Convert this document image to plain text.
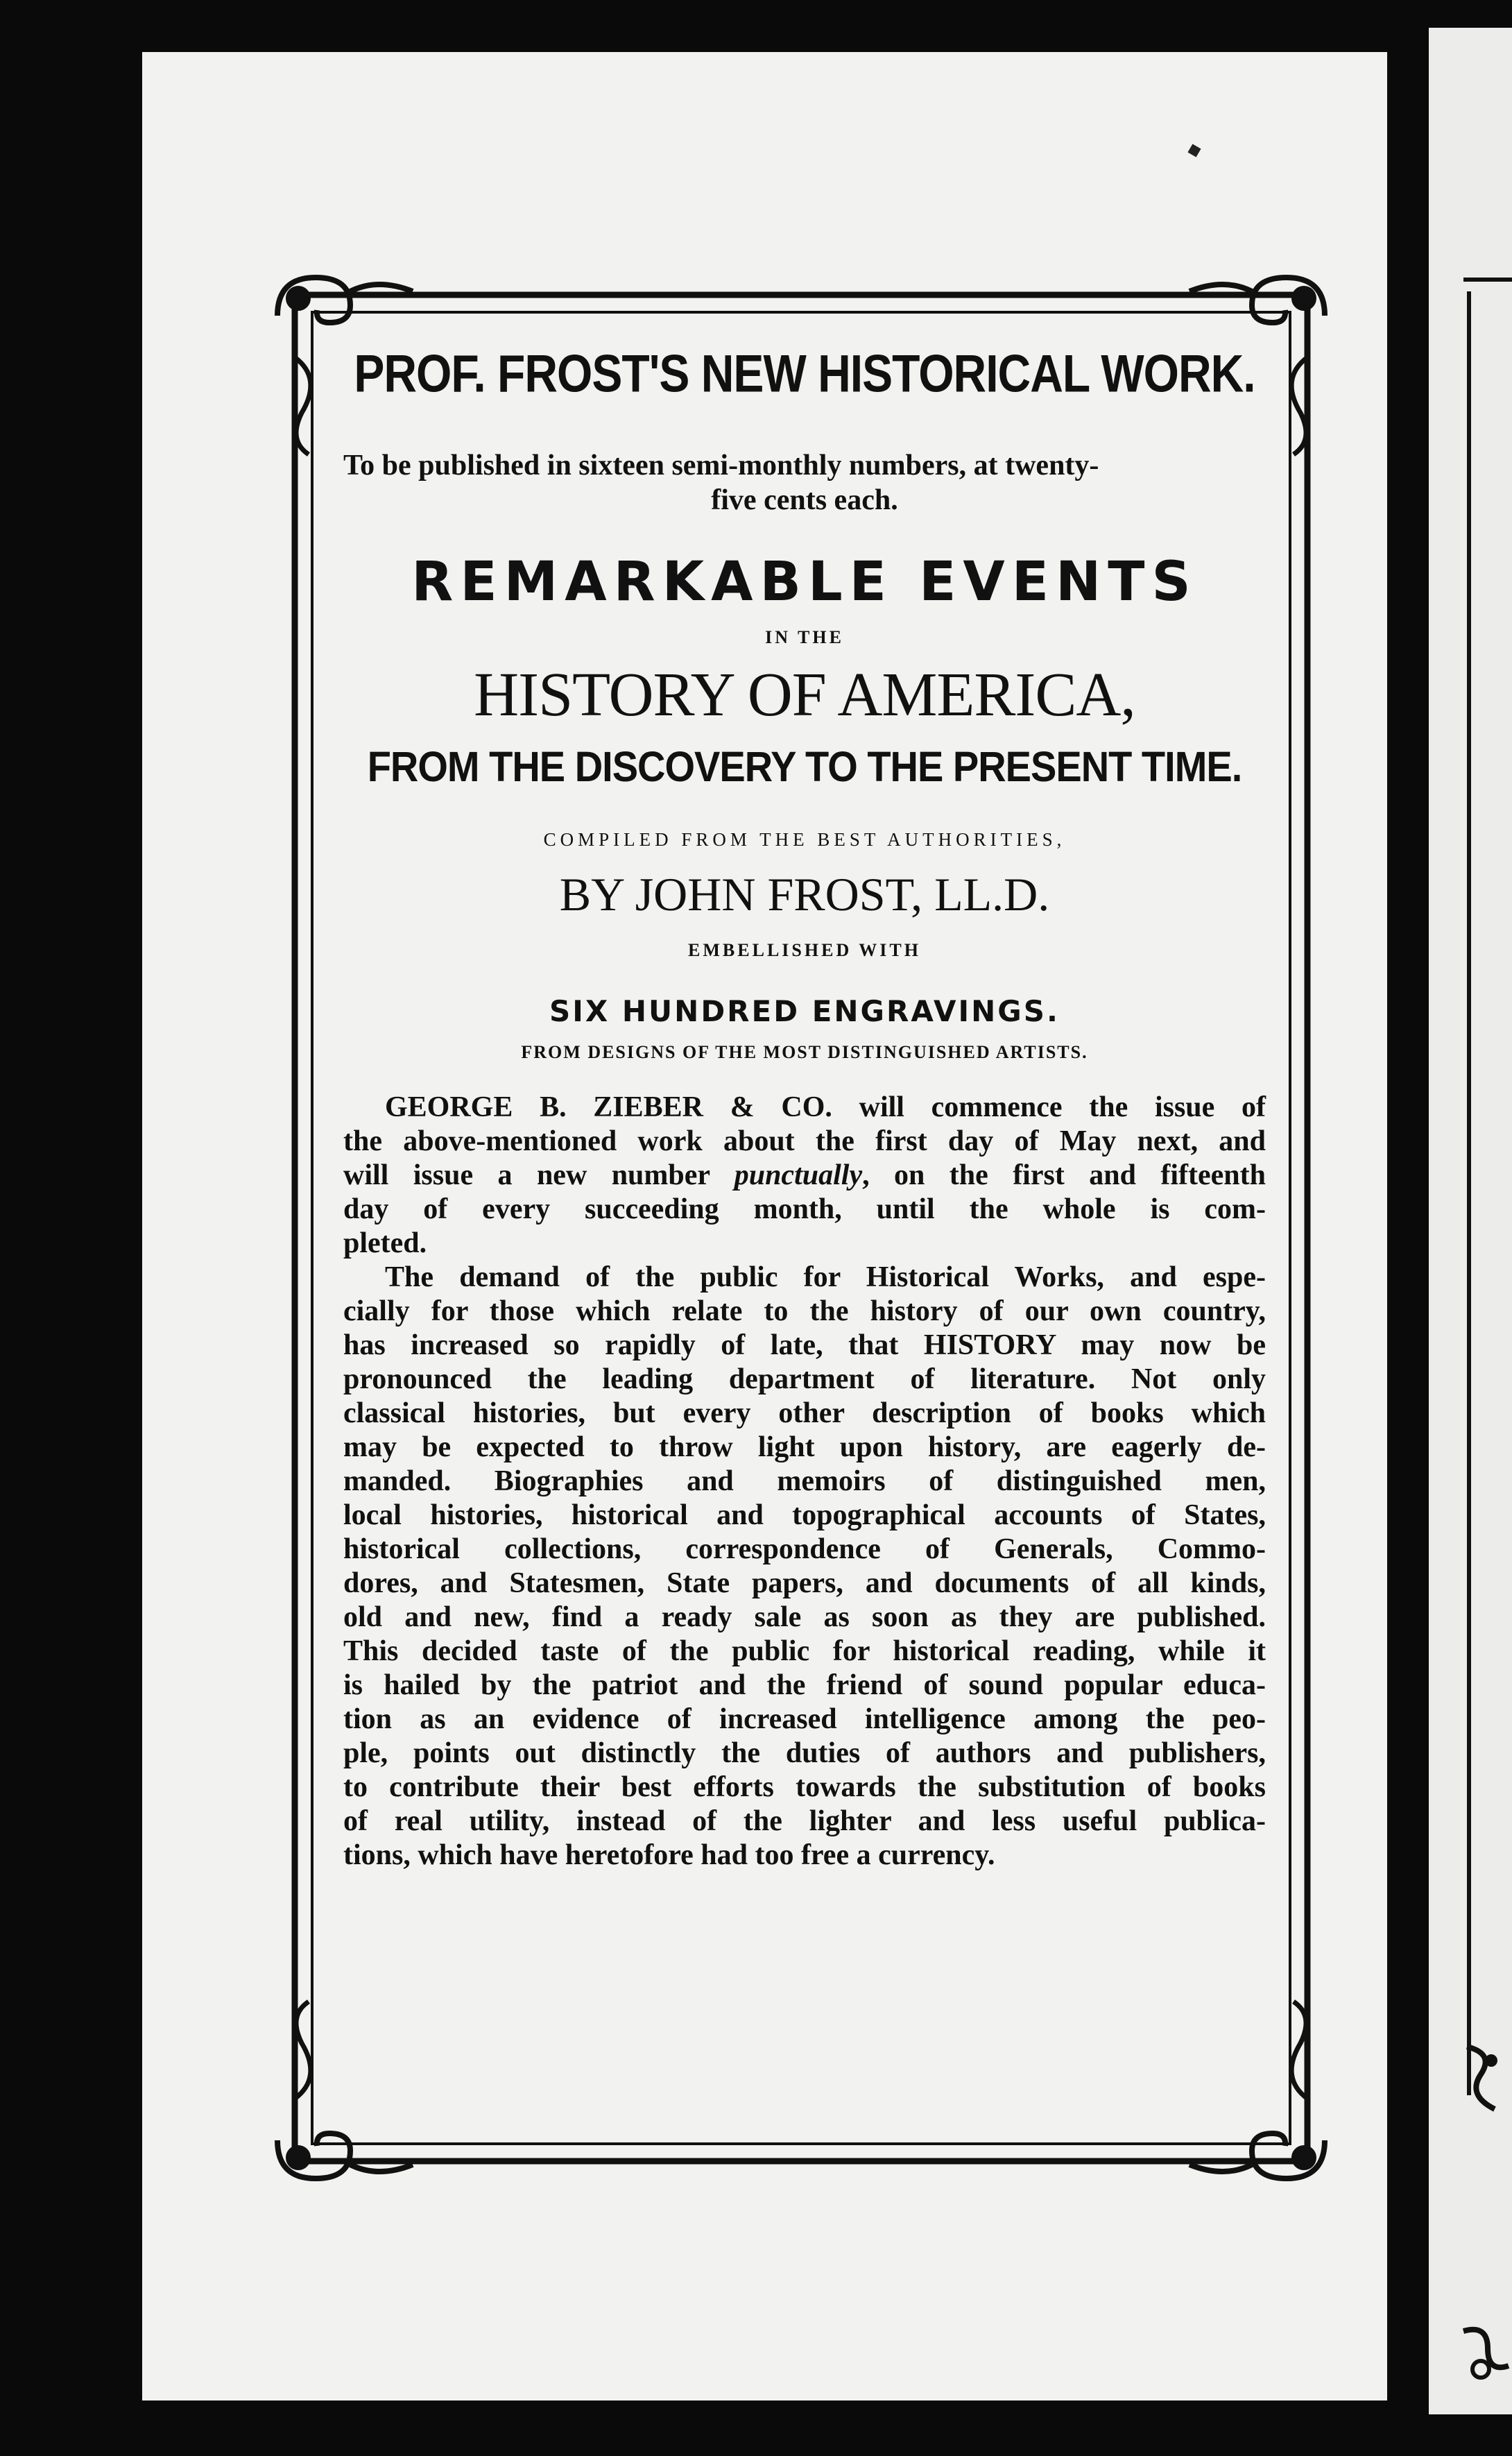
PROF. FROST'S NEW HISTORICAL WORK.
To be published in sixteen semi-monthly numbers, at twenty-
five cents each.
REMARKABLE EVENTS
IN THE
HISTORY OF AMERICA,
FROM THE DISCOVERY TO THE PRESENT TIME.
COMPILED FROM THE BEST AUTHORITIES,
BY JOHN FROST, LL.D.
EMBELLISHED WITH
SIX HUNDRED ENGRAVINGS.
FROM DESIGNS OF THE MOST DISTINGUISHED ARTISTS.
GEORGE B. ZIEBER & CO. will commence the issue of
the above-mentioned work about the first day of May next, and
will issue a new number punctually, on the first and fifteenth
day of every succeeding month, until the whole is com-
pleted.
The demand of the public for Historical Works, and espe-
cially for those which relate to the history of our own country,
has increased so rapidly of late, that HISTORY may now be
pronounced the leading department of literature. Not only
classical histories, but every other description of books which
may be expected to throw light upon history, are eagerly de-
manded. Biographies and memoirs of distinguished men,
local histories, historical and topographical accounts of States,
historical collections, correspondence of Generals, Commo-
dores, and Statesmen, State papers, and documents of all kinds,
old and new, find a ready sale as soon as they are published.
This decided taste of the public for historical reading, while it
is hailed by the patriot and the friend of sound popular educa-
tion as an evidence of increased intelligence among the peo-
ple, points out distinctly the duties of authors and publishers,
to contribute their best efforts towards the substitution of books
of real utility, instead of the lighter and less useful publica-
tions, which have heretofore had too free a currency.
